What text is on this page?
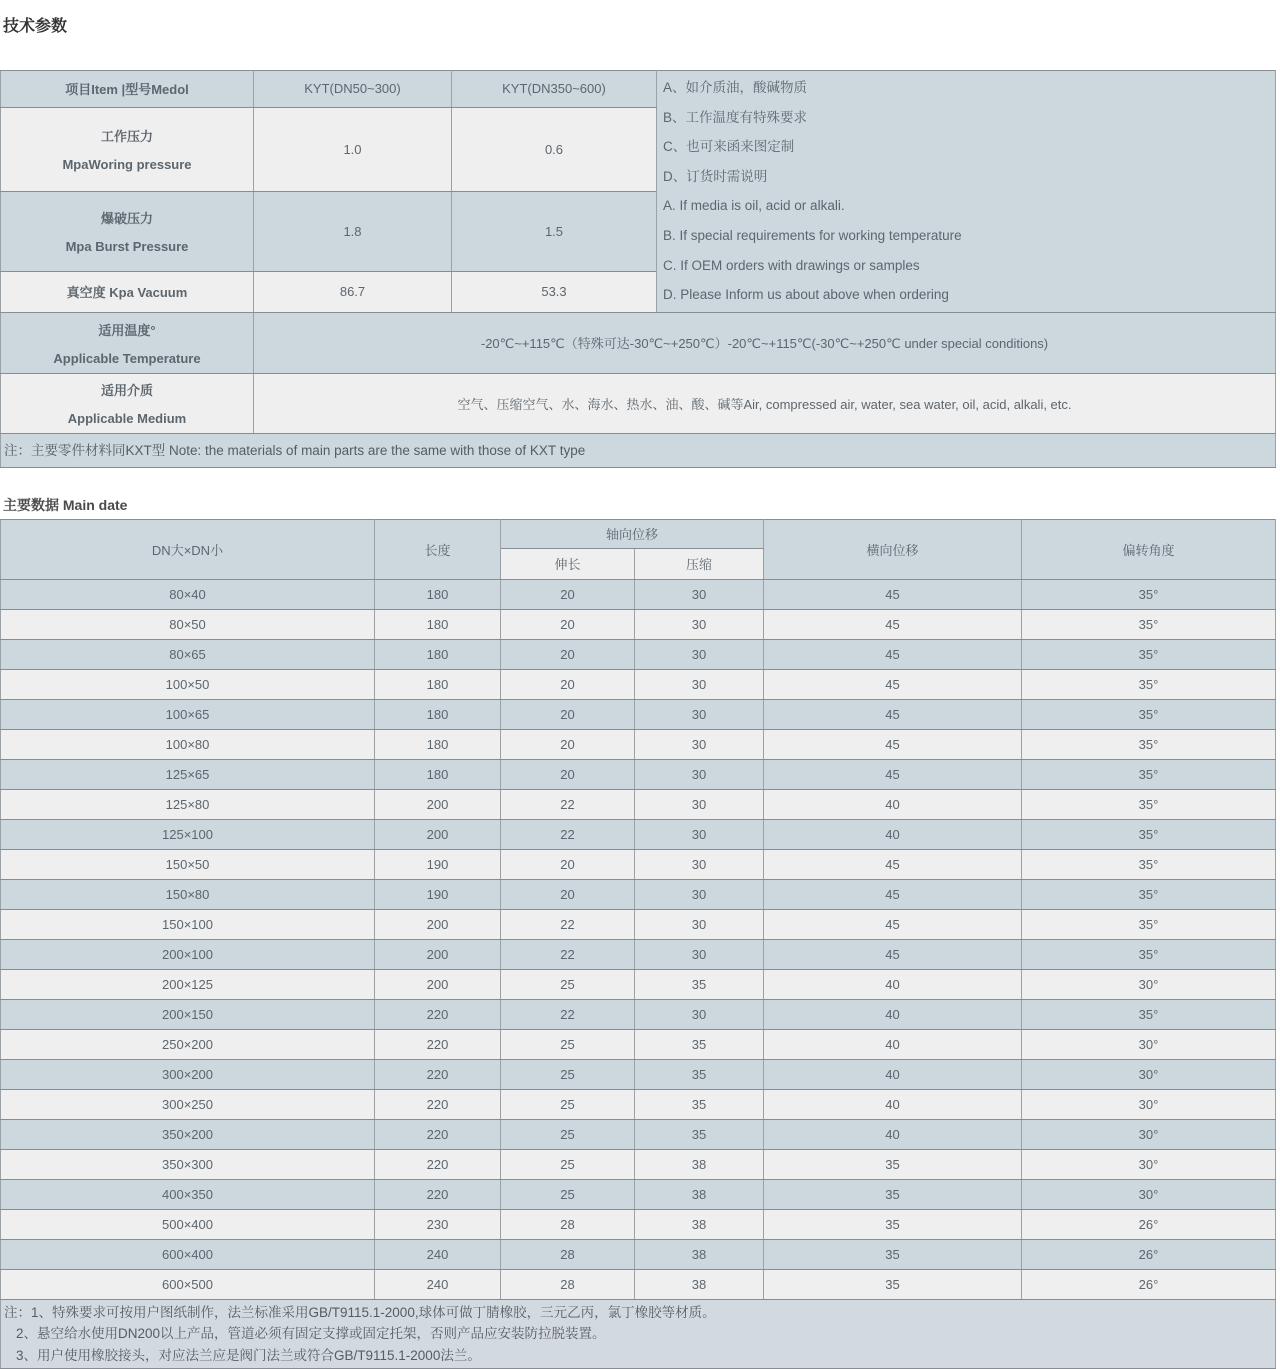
技术参数
项目Item |型号Medol	KYT(DN50~300)	KYT(DN350~600)	A、如介质油，酸碱物质
B、工作温度有特殊要求
C、也可来函来图定制
D、订货时需说明
A. If media is oil, acid or alkali.
B. If special requirements for working temperature
C. If OEM orders with drawings or samples
D. Please Inform us about above when ordering

工作压力
MpaWoring pressure	1.0	0.6	

爆破压力
Mpa Burst Pressure	1.8	1.5	
真空度 Kpa Vacuum	86.7	53.3	

适用温度°
Applicable Temperature	-20℃~+115℃（特殊可达-30℃~+250℃）-20℃~+115℃(-30℃~+250℃ under special conditions)		

适用介质
Applicable Medium	空气、压缩空气、水、海水、热水、油、酸、碱等Air, compressed air, water, sea water, oil, acid, alkali, etc.		
注：主要零件材料同KXT型 Note: the materials of main parts are the same with those of KXT type			
主要数据 Main date
DN大×DN小	长度	轴向位移		横向位移	偏转角度
		伸长	压缩		
80×40	180	20	30	45	35°
80×50	180	20	30	45	35°
80×65	180	20	30	45	35°
100×50	180	20	30	45	35°
100×65	180	20	30	45	35°
100×80	180	20	30	45	35°
125×65	180	20	30	45	35°
125×80	200	22	30	40	35°
125×100	200	22	30	40	35°
150×50	190	20	30	45	35°
150×80	190	20	30	45	35°
150×100	200	22	30	45	35°
200×100	200	22	30	45	35°
200×125	200	25	35	40	30°
200×150	220	22	30	40	35°
250×200	220	25	35	40	30°
300×200	220	25	35	40	30°
300×250	220	25	35	40	30°
350×200	220	25	35	40	30°
350×300	220	25	38	35	30°
400×350	220	25	38	35	30°
500×400	230	28	38	35	26°
600×400	240	28	38	35	26°
600×500	240	28	38	35	26°

注：1、特殊要求可按用户图纸制作，法兰标准采用GB/T9115.1-2000,球体可做丁腈橡胶，三元乙丙，氯丁橡胶等材质。
2、悬空给水使用DN200以上产品，管道必须有固定支撑或固定托架，否则产品应安装防拉脱装置。
3、用户使用橡胶接头，对应法兰应是阀门法兰或符合GB/T9115.1-2000法兰。					
